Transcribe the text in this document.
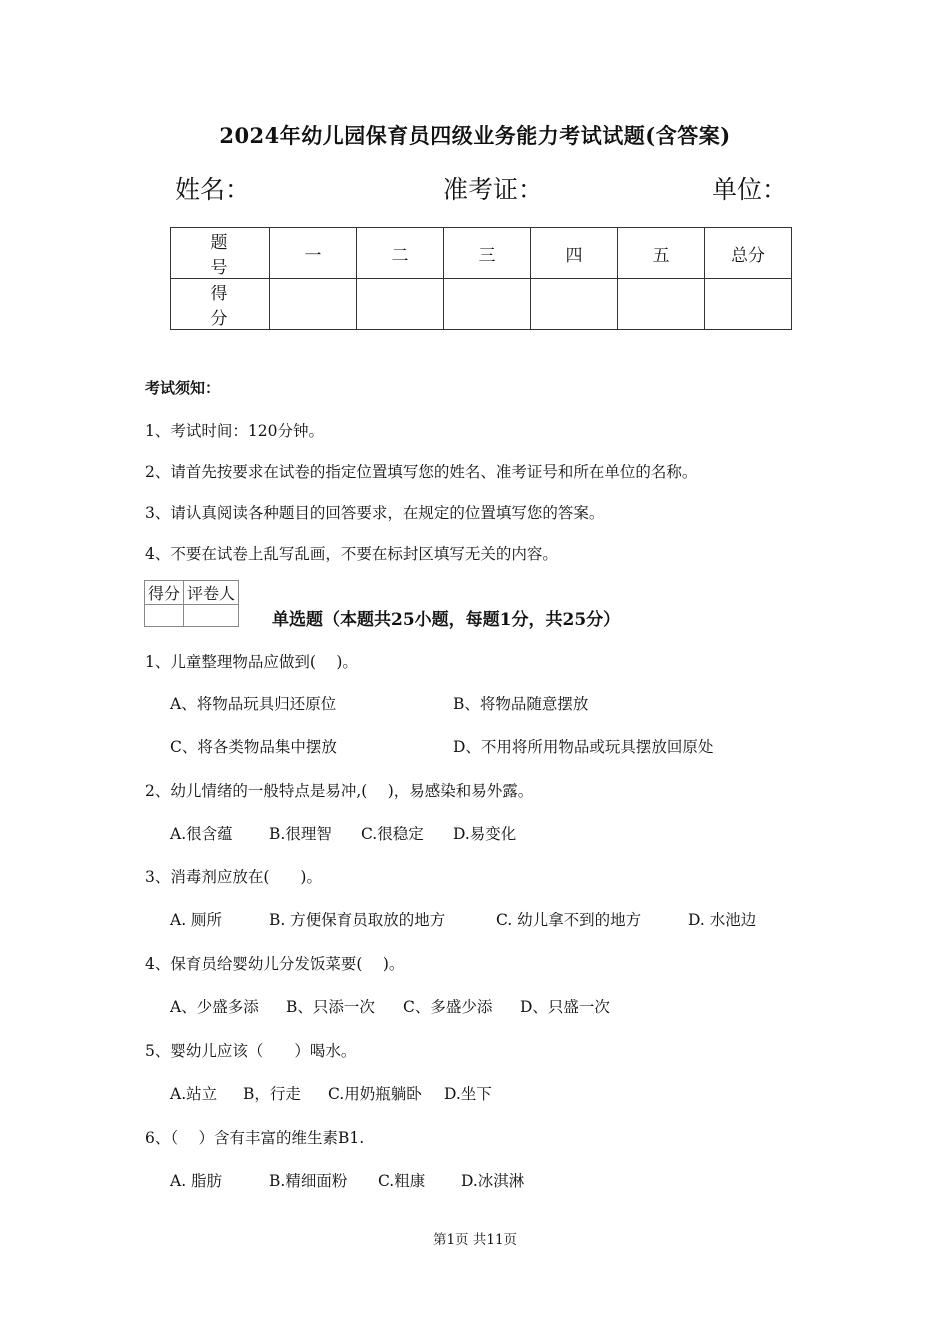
2024年幼儿园保育员四级业务能力考试试题(含答案)
姓名：	准考证：	单位：
题　号	一	二	三	四	五	总分
得　分						
考试须知：
1、考试时间：120分钟。
2、请首先按要求在试卷的指定位置填写您的姓名、准考证号和所在单位的名称。
3、请认真阅读各种题目的回答要求，在规定的位置填写您的答案。
4、不要在试卷上乱写乱画，不要在标封区填写无关的内容。
得分	评卷人

单选题（本题共25小题，每题1分，共25分）
1、儿童整理物品应做到(　 )。
A、将物品玩具归还原位	B、将物品随意摆放
C、将各类物品集中摆放	D、不用将所用物品或玩具摆放回原处
2、幼儿情绪的一般特点是易冲,(　 )，易感染和易外露。
A.很含蕴 B.很理智 C.很稳定 D.易变化
3、消毒剂应放在(　　)。
A. 厕所	B. 方便保育员取放的地方	C. 幼儿拿不到的地方	D. 水池边
4、保育员给婴幼儿分发饭菜要(　 )。
A、少盛多添 B、只添一次 C、多盛少添 D、只盛一次
5、婴幼儿应该（　　）喝水。
A.站立 B，行走 C.用奶瓶躺卧 D.坐下
6、（　 ）含有丰富的维生素B1.
A. 脂肪	B.精细面粉 C.粗康 D.冰淇淋
第1页 共11页
